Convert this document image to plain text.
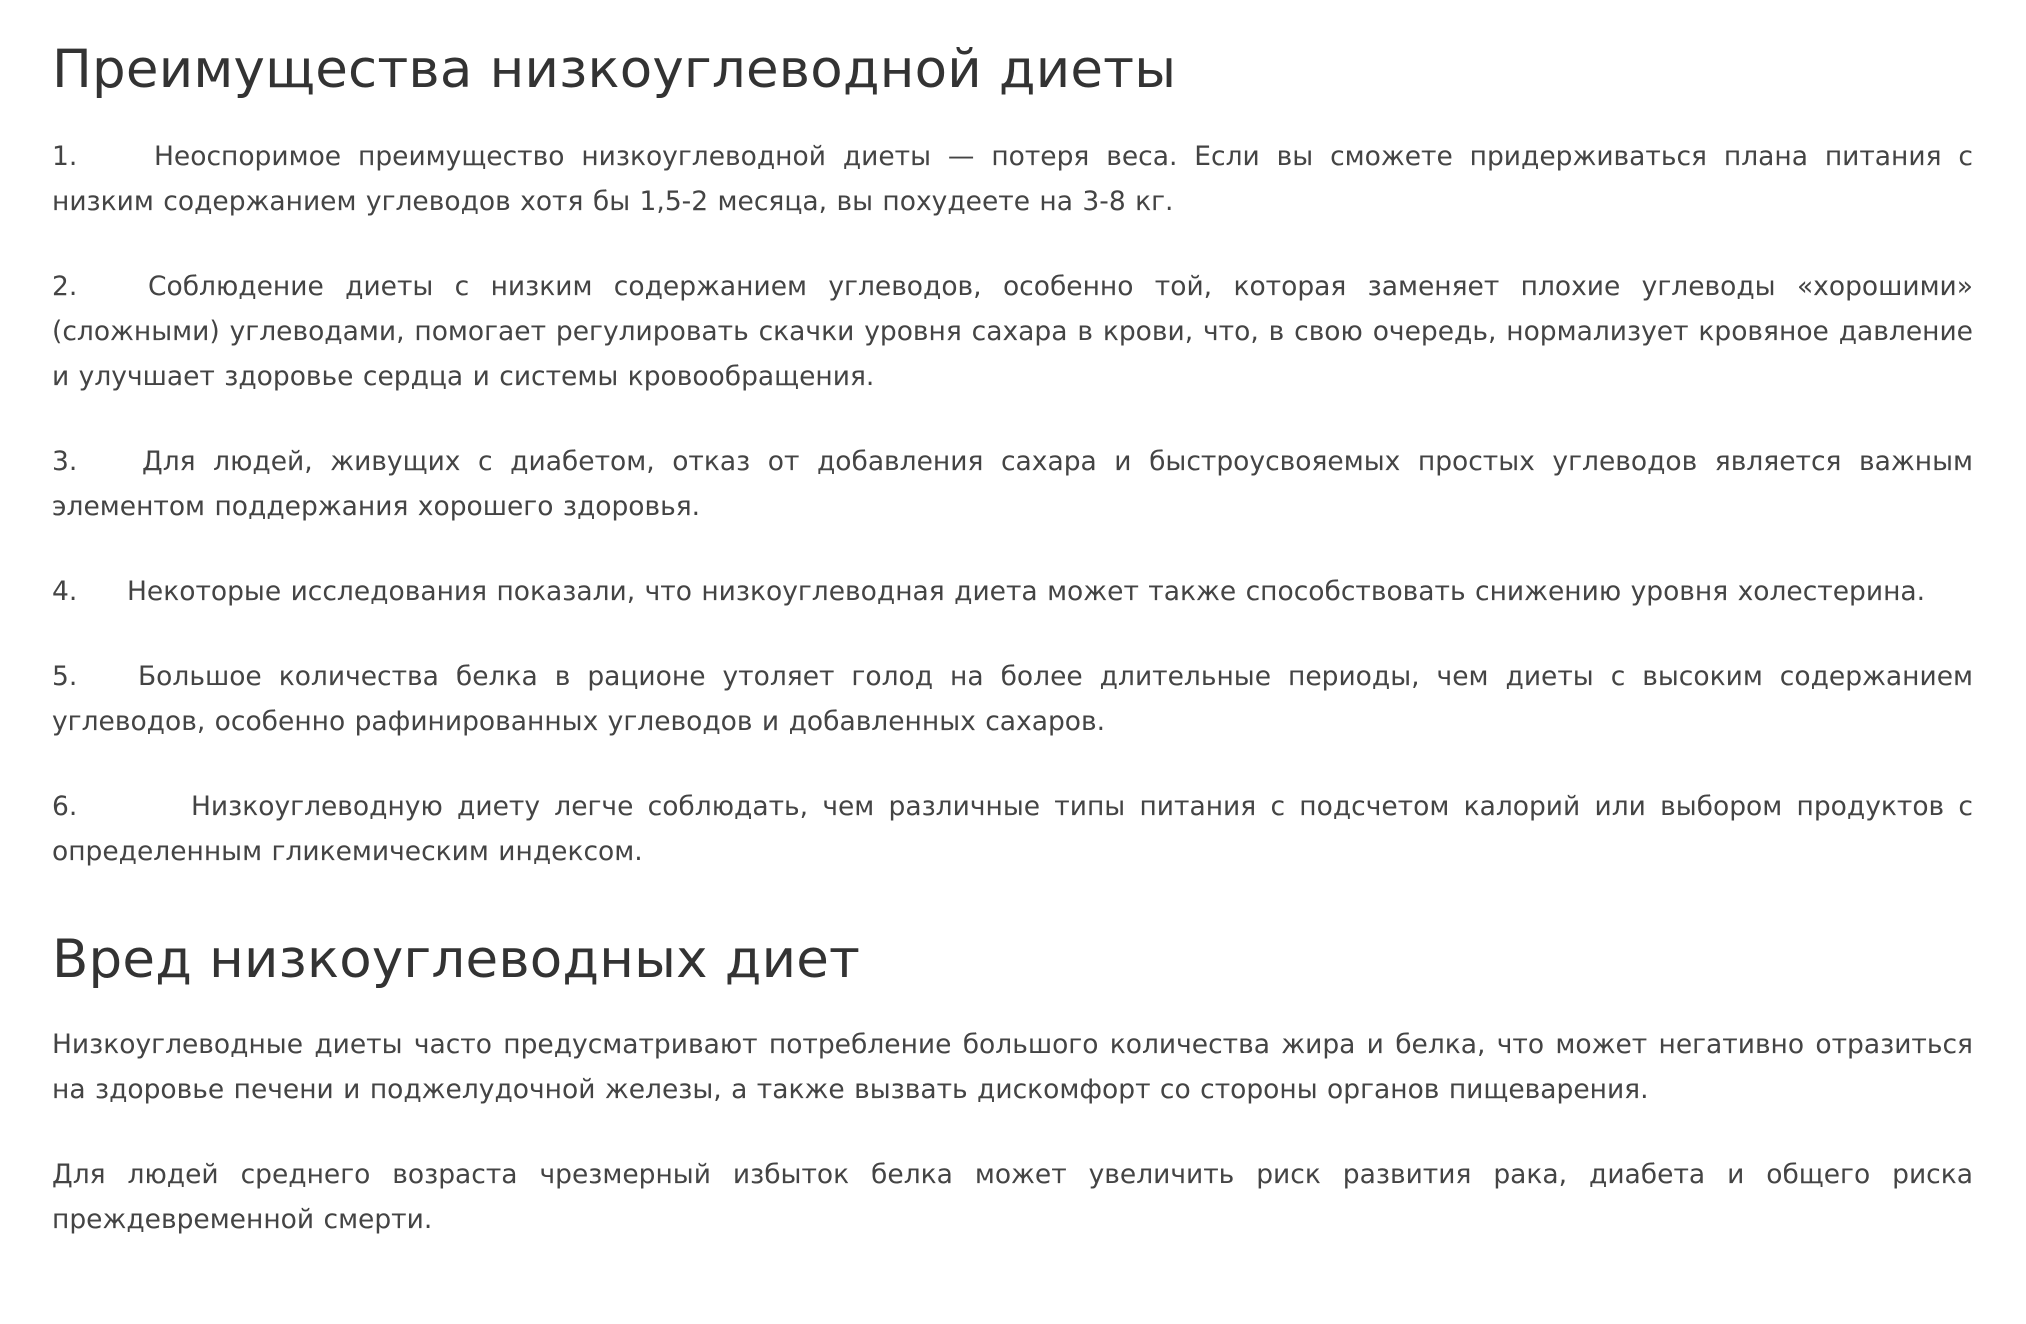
Преимущества низкоуглеводной диеты

1.	Неоспоримое преимущество низкоуглеводной диеты — потеря веса. Если вы сможете придерживаться плана питания с низким содержанием углеводов хотя бы 1,5-2 месяца, вы похудеете на 3-8 кг.

2.	Соблюдение диеты с низким содержанием углеводов, особенно той, которая заменяет плохие углеводы «хорошими» (сложными) углеводами, помогает регулировать скачки уровня сахара в крови, что, в свою очередь, нормализует кровяное давление и улучшает здоровье сердца и системы кровообращения.

3. Для людей, живущих с диабетом, отказ от добавления сахара и быстроусвояемых простых углеводов является важным элементом поддержания хорошего здоровья.

4. Некоторые исследования показали, что низкоуглеводная диета может также способствовать снижению уровня холестерина.

5. Большое количества белка в рационе утоляет голод на более длительные периоды, чем диеты с высоким содержанием углеводов, особенно рафинированных углеводов и добавленных сахаров.

6.	Низкоуглеводную диету легче соблюдать, чем различные типы питания с подсчетом калорий или выбором продуктов с определенным гликемическим индексом.

Вред низкоуглеводных диет

Низкоуглеводные диеты часто предусматривают потребление большого количества жира и белка, что может негативно отразиться на здоровье печени и поджелудочной железы, а также вызвать дискомфорт со стороны органов пищеварения.

Для людей среднего возраста чрезмерный избыток белка может увеличить риск развития рака, диабета и общего риска преждевременной смерти.
